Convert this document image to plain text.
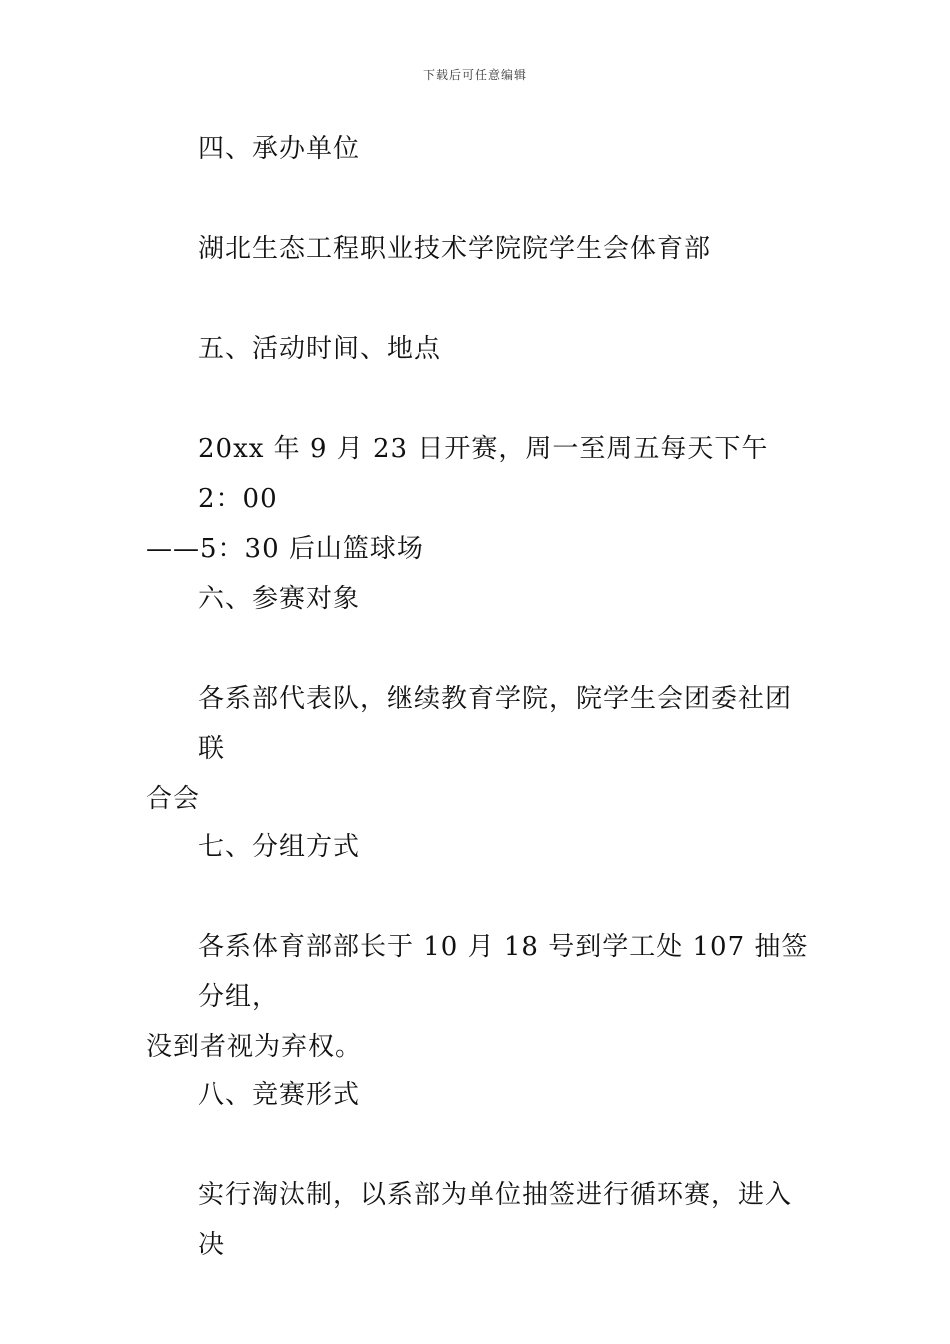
下载后可任意编辑

四、承办单位

湖北生态工程职业技术学院院学生会体育部

五、活动时间、地点

20xx 年 9 月 23 日开赛，周一至周五每天下午 2：00
——5：30 后山篮球场

六、参赛对象

各系部代表队，继续教育学院，院学生会团委社团联
合会

七、分组方式

各系体育部部长于 10 月 18 号到学工处 107 抽签分组，
没到者视为弃权。

八、竞赛形式

实行淘汰制，以系部为单位抽签进行循环赛，进入决
